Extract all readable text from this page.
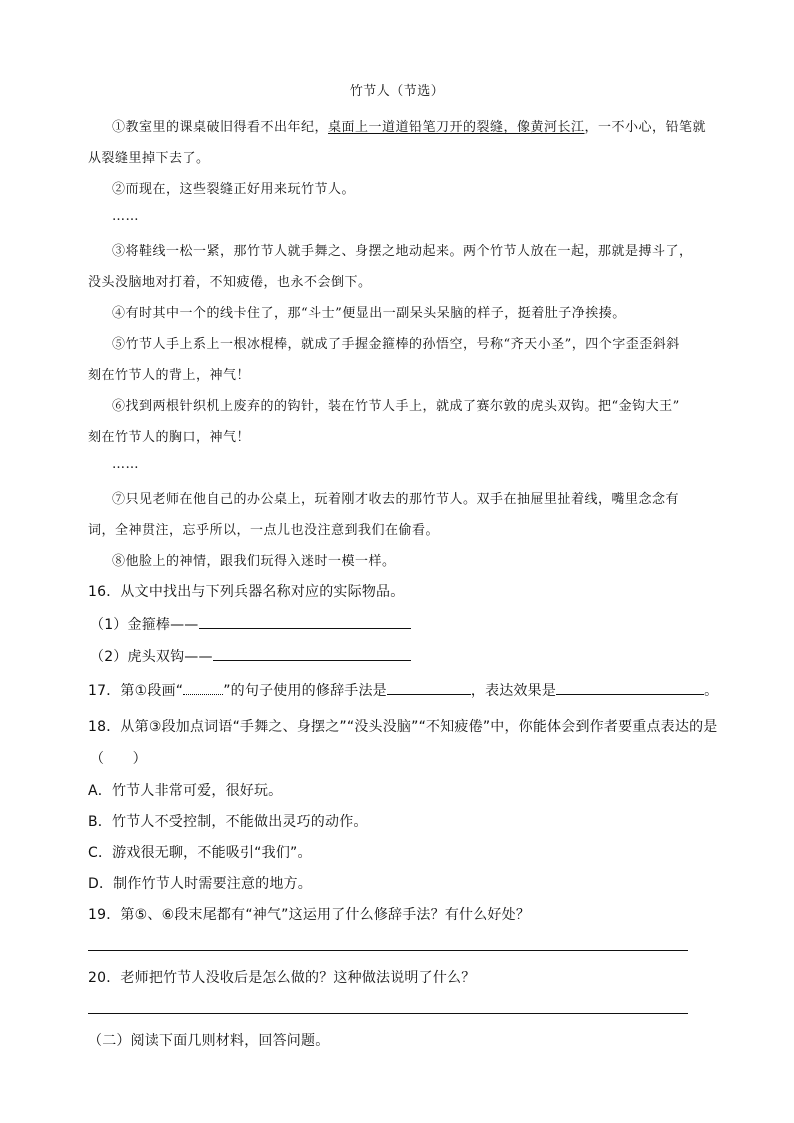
竹节人（节选）
①教室里的课桌破旧得看不出年纪，桌面上一道道铅笔刀开的裂缝，像黄河长江，一不小心，铅笔就
从裂缝里掉下去了。
②而现在，这些裂缝正好用来玩竹节人。
……
③将鞋线一松一紧，那竹节人就手舞之、身摆之地动起来。两个竹节人放在一起，那就是搏斗了，
没头没脑地对打着，不知疲倦，也永不会倒下。
④有时其中一个的线卡住了，那“斗士”便显出一副呆头呆脑的样子，挺着肚子净挨揍。
⑤竹节人手上系上一根冰棍棒，就成了手握金箍棒的孙悟空，号称“齐天小圣”，四个字歪歪斜斜
刻在竹节人的背上，神气！
⑥找到两根针织机上废弃的的钩针，装在竹节人手上，就成了赛尔敦的虎头双钩。把“金钩大王”
刻在竹节人的胸口，神气！
……
⑦只见老师在他自己的办公桌上，玩着刚才收去的那竹节人。双手在抽屉里扯着线，嘴里念念有
词，全神贯注，忘乎所以，一点儿也没注意到我们在偷看。
⑧他脸上的神情，跟我们玩得入迷时一模一样。
16．从文中找出与下列兵器名称对应的实际物品。
（1）金箍棒——
（2）虎头双钩——
17．第①段画“	”的句子使用的修辞手法是	，表达效果是	。
18．从第③段加点词语“手舞之、身摆之”“没头没脑”“不知疲倦”中，你能体会到作者要重点表达的是
（　　）
A．竹节人非常可爱，很好玩。
B．竹节人不受控制，不能做出灵巧的动作。
C．游戏很无聊，不能吸引“我们”。
D．制作竹节人时需要注意的地方。
19．第⑤、⑥段末尾都有“神气”这运用了什么修辞手法？有什么好处？
20．老师把竹节人没收后是怎么做的？这种做法说明了什么？
（二）阅读下面几则材料，回答问题。
